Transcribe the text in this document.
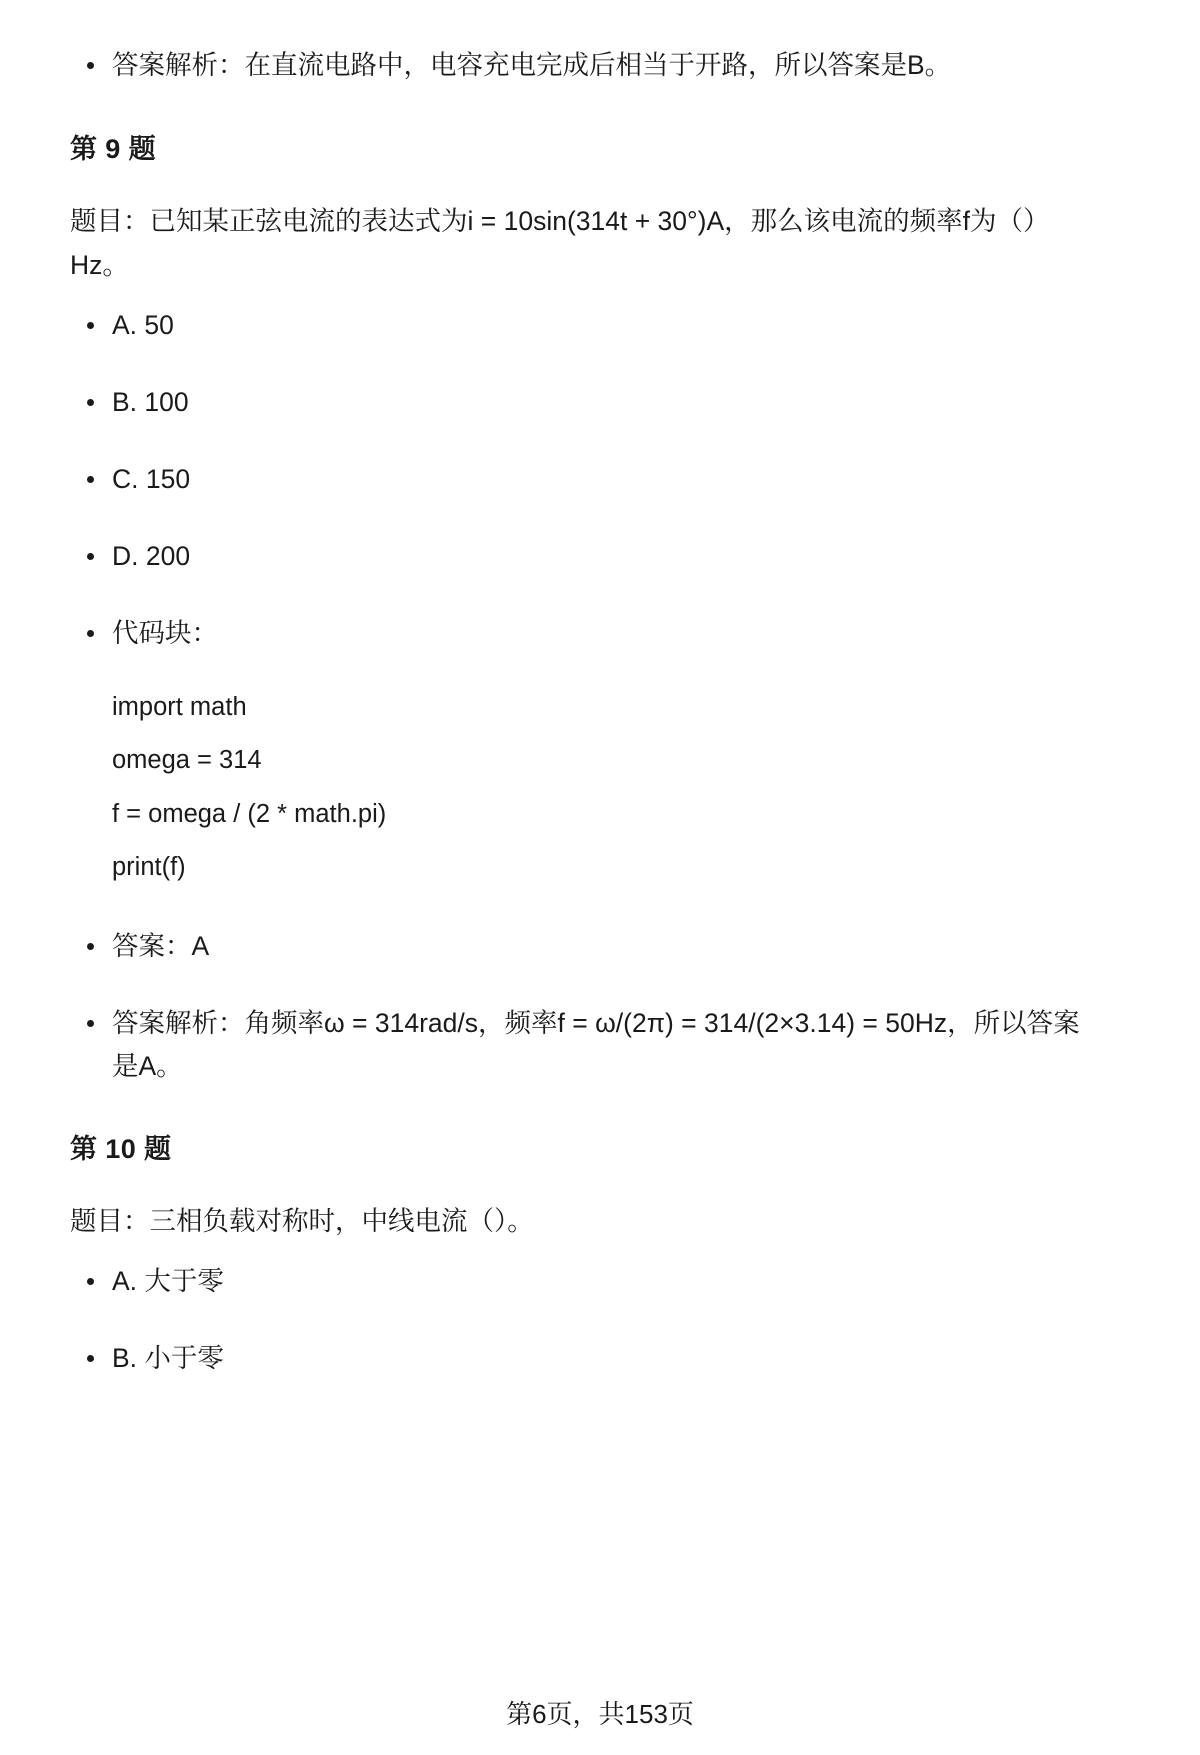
答案解析：在直流电路中，电容充电完成后相当于开路，所以答案是B。
第 9 题

题目：已知某正弦电流的表达式为i = 10sin(314t + 30°)A，那么该电流的频率f为（）Hz。

A. 50
B. 100
C. 150
D. 200
代码块：
import math
omega = 314
f = omega / (2 * math.pi)
print(f)
答案：A
答案解析：角频率ω = 314rad/s，频率f = ω/(2π) = 314/(2×3.14) = 50Hz，所以答案是A。
第 10 题

题目：三相负载对称时，中线电流（）。

A. 大于零
B. 小于零
第6页，共153页
